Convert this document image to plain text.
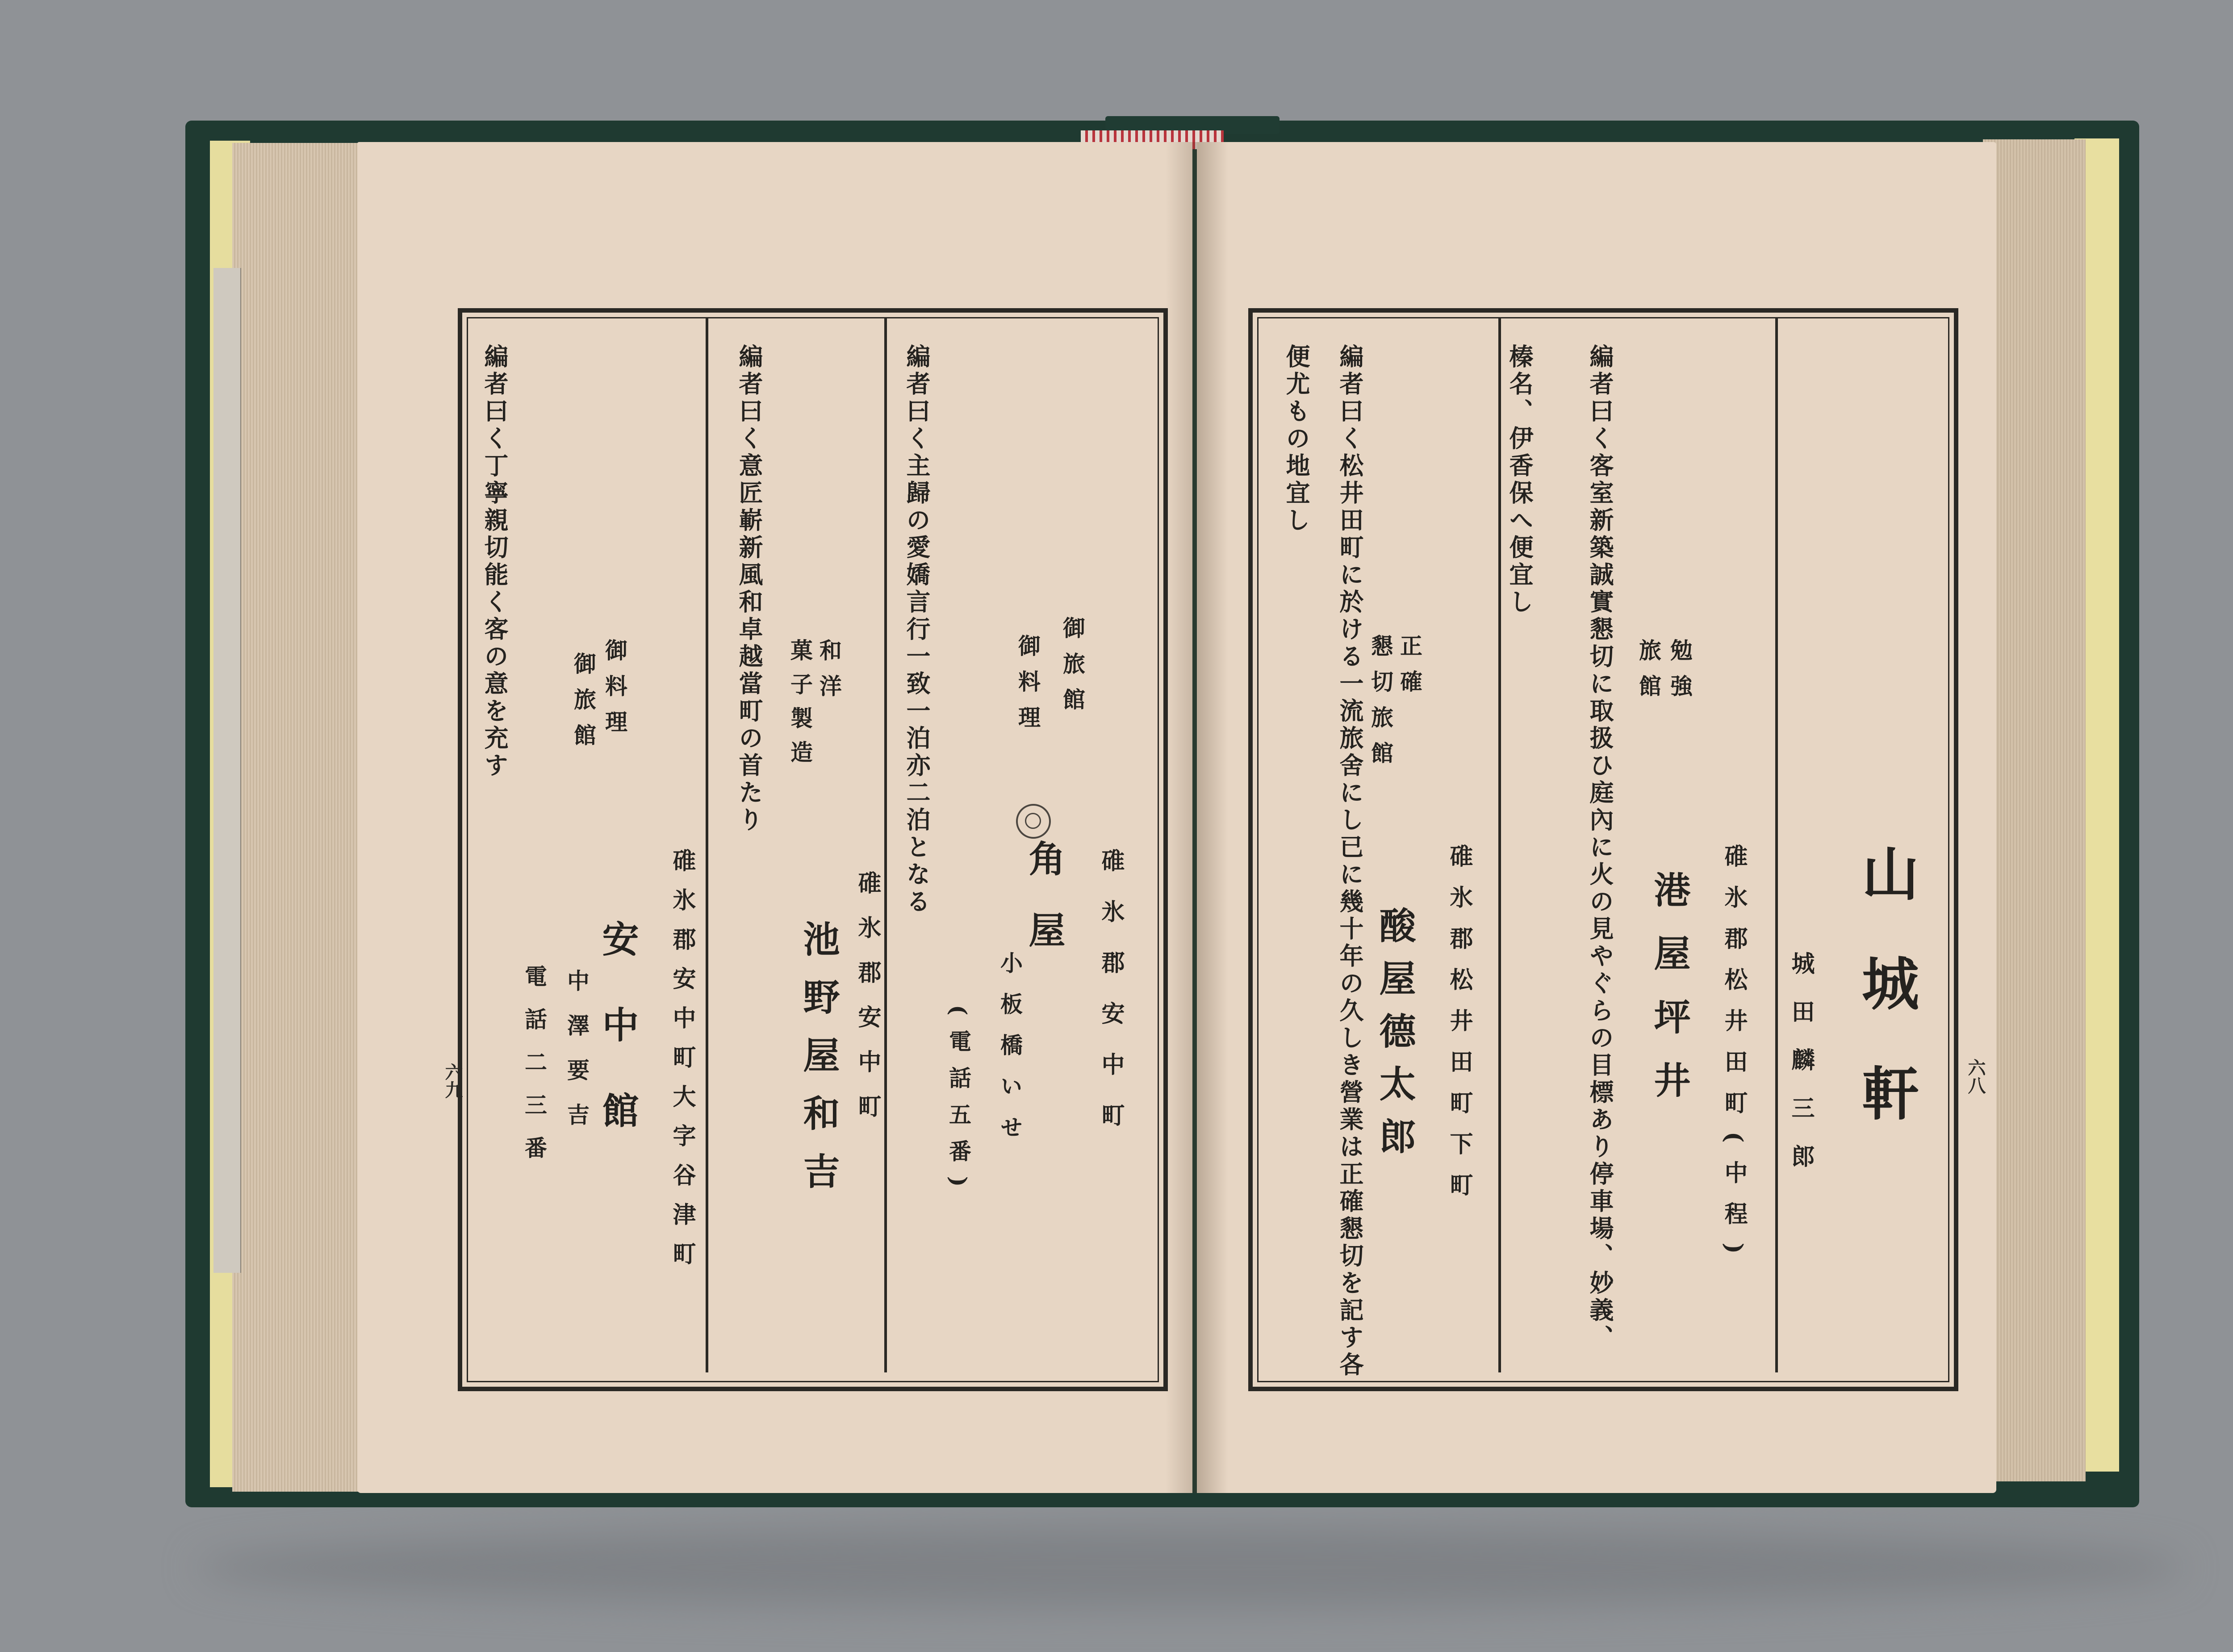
編者曰く主歸の愛嬌言行一致一泊亦二泊となる	御旅館
御料理
角屋
小板橋いせ
(電話五番)	碓氷郡安中町
編者曰く意匠嶄新風和卓越當町の首たり 和洋
菓子製造
碓氷郡安中町
池野屋和吉
編者曰く丁寧親切能く客の意を充す	御料理
御旅館
碓氷郡安中町大字谷津町
安中館
中澤要吉
電話二三番
六九	山城軒
城田麟三郎
編者曰く客室新築誠實懇切に取扱ひ庭內に火の見やぐらの目標あり停車場、妙義、
榛名、伊香保へ便宜し
勉強
旅館
碓氷郡松井田町(中程)
港屋坪井
編者曰く松井田町に於ける一流旅舍にし已に幾十年の久しき營業は正確懇切を記す各
便尤もの地宜し
正確
懇切旅館
碓氷郡松井田町下町
酸屋德太郎	六八
